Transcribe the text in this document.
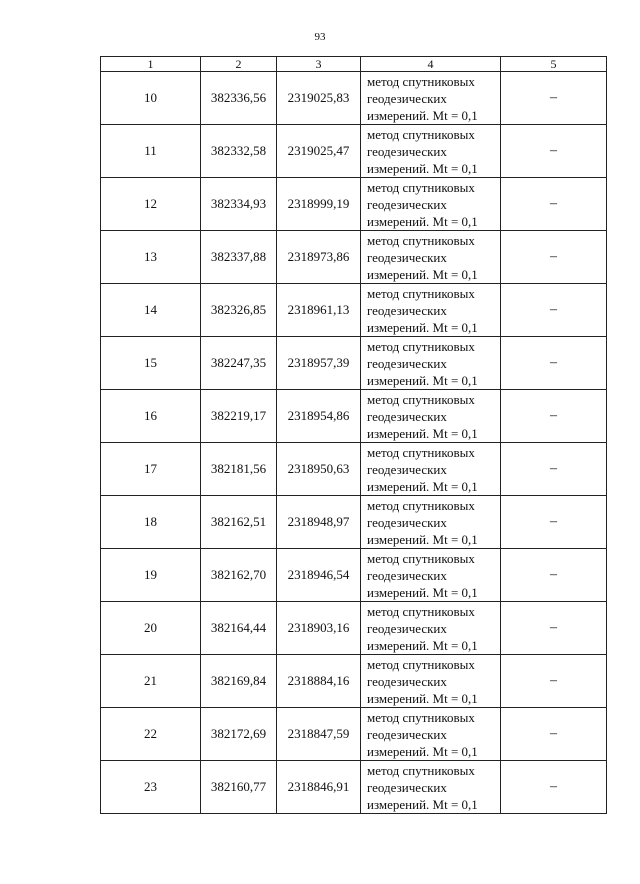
93
1	2	3	4	5
10	382336,56	2319025,83	метод спутниковых
геодезических
измерений. Mt = 0,1	–
11	382332,58	2319025,47	метод спутниковых
геодезических
измерений. Mt = 0,1	–
12	382334,93	2318999,19	метод спутниковых
геодезических
измерений. Mt = 0,1	–
13	382337,88	2318973,86	метод спутниковых
геодезических
измерений. Mt = 0,1	–
14	382326,85	2318961,13	метод спутниковых
геодезических
измерений. Mt = 0,1	–
15	382247,35	2318957,39	метод спутниковых
геодезических
измерений. Mt = 0,1	–
16	382219,17	2318954,86	метод спутниковых
геодезических
измерений. Mt = 0,1	–
17	382181,56	2318950,63	метод спутниковых
геодезических
измерений. Mt = 0,1	–
18	382162,51	2318948,97	метод спутниковых
геодезических
измерений. Mt = 0,1	–
19	382162,70	2318946,54	метод спутниковых
геодезических
измерений. Mt = 0,1	–
20	382164,44	2318903,16	метод спутниковых
геодезических
измерений. Mt = 0,1	–
21	382169,84	2318884,16	метод спутниковых
геодезических
измерений. Mt = 0,1	–
22	382172,69	2318847,59	метод спутниковых
геодезических
измерений. Mt = 0,1	–
23	382160,77	2318846,91	метод спутниковых
геодезических
измерений. Mt = 0,1	–
